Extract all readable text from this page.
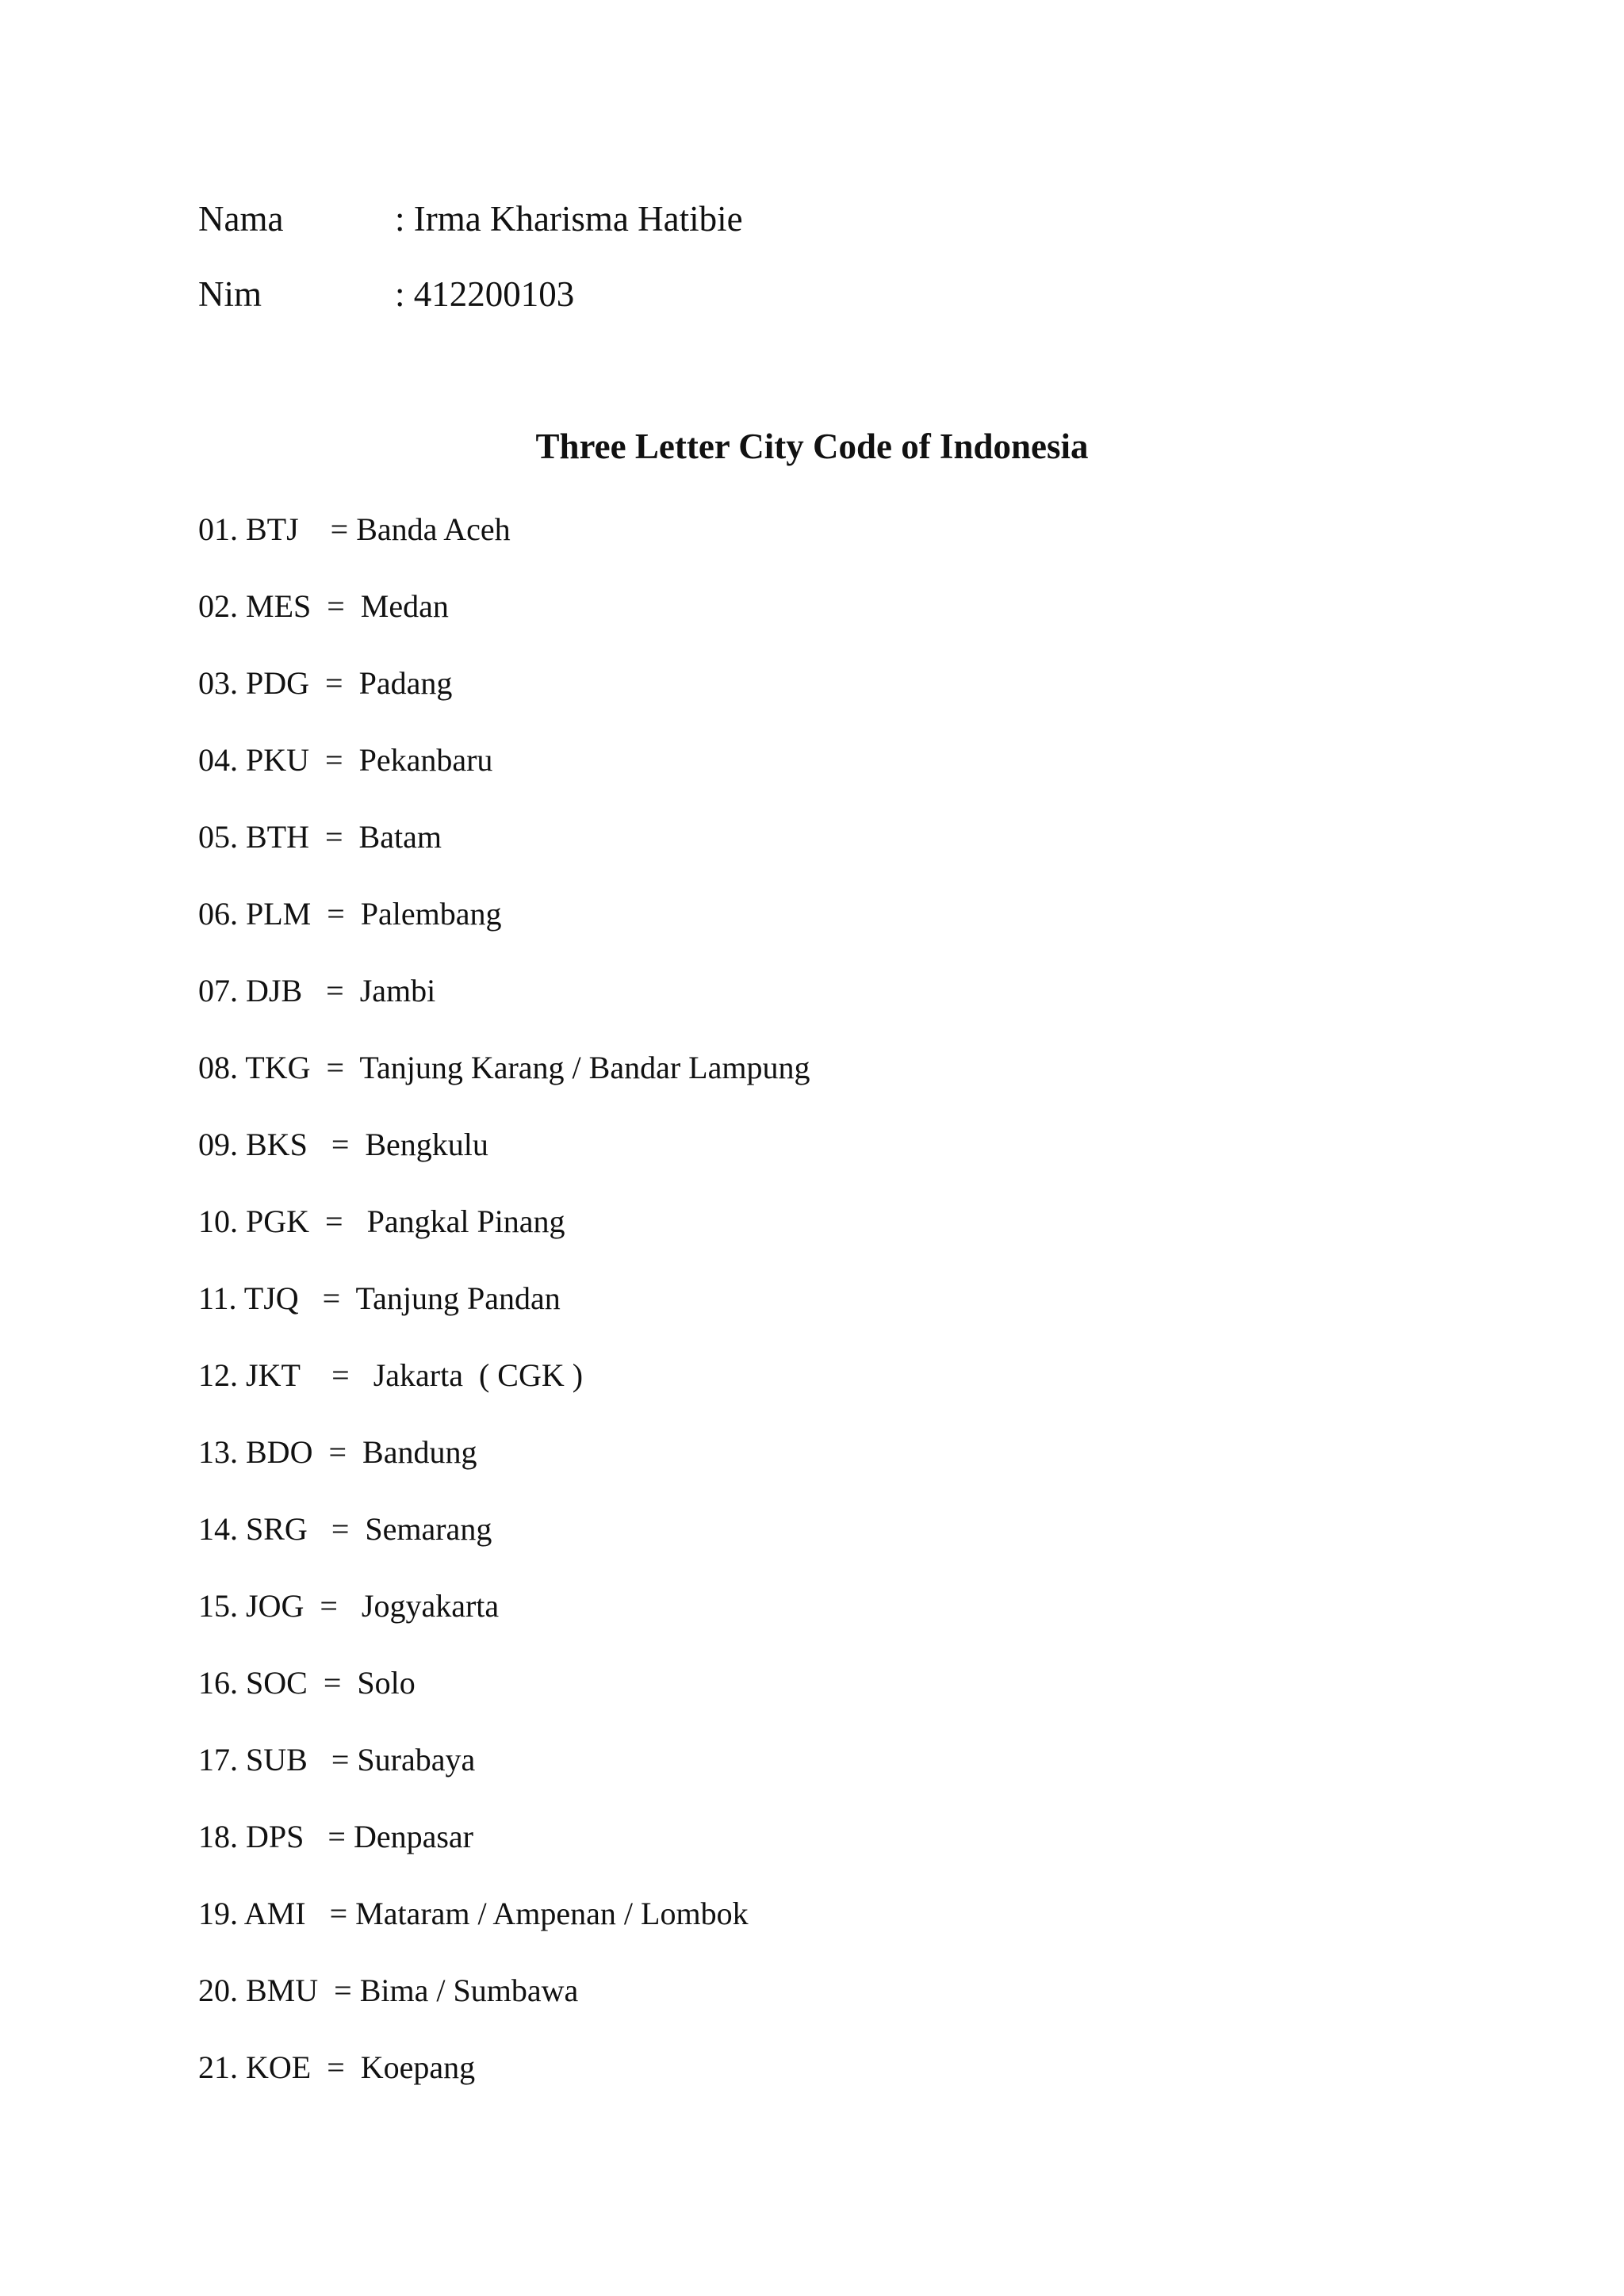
Nama	: Irma Kharisma Hatibie
Nim	: 412200103
Three Letter City Code of Indonesia
01. BTJ    = Banda Aceh
02. MES  =  Medan
03. PDG  =  Padang
04. PKU  =  Pekanbaru
05. BTH  =  Batam
06. PLM  =  Palembang
07. DJB   =  Jambi
08. TKG  =  Tanjung Karang / Bandar Lampung
09. BKS   =  Bengkulu
10. PGK  =   Pangkal Pinang
11. TJQ   =  Tanjung Pandan
12. JKT    =   Jakarta  ( CGK )
13. BDO  =  Bandung
14. SRG   =  Semarang
15. JOG  =   Jogyakarta
16. SOC  =  Solo
17. SUB   = Surabaya
18. DPS   = Denpasar
19. AMI   = Mataram / Ampenan / Lombok
20. BMU  = Bima / Sumbawa
21. KOE  =  Koepang
